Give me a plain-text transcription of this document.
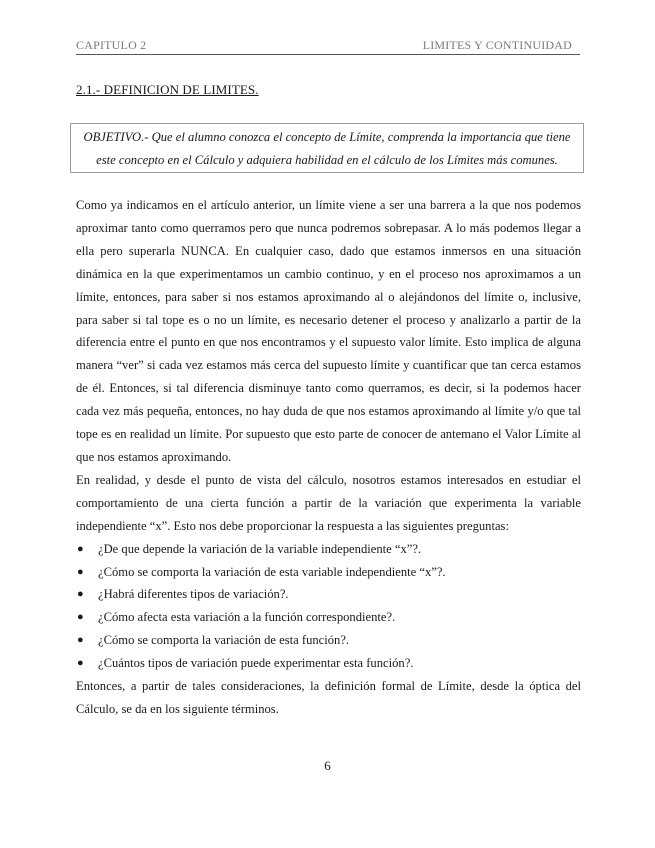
CAPITULO 2	LIMITES Y CONTINUIDAD
2.1.- DEFINICION DE LIMITES.

OBJETIVO.- Que el alumno conozca el concepto de Límite, comprenda la importancia que tiene

este concepto en el Cálculo y adquiera habilidad en el cálculo de los Límites más comunes.

Como ya indicamos en el artículo anterior, un límite viene a ser una barrera a la que nos podemos aproximar tanto como querramos pero que nunca podremos sobrepasar. A lo más podemos llegar a ella pero superarla NUNCA. En cualquier caso, dado que estamos inmersos en una situación dinámica en la que experimentamos un cambio continuo, y en el proceso nos aproximamos a un límite, entonces, para saber si nos estamos aproximando al o alejándonos del límite o, inclusive, para saber si tal tope es o no un límite, es necesario detener el proceso y analizarlo a partir de la diferencia entre el punto en que nos encontramos y el supuesto valor límite. Esto implica de alguna manera “ver” si cada vez estamos más cerca del supuesto límite y cuantificar que tan cerca estamos de él. Entonces, si tal diferencia disminuye tanto como querramos, es decir, si la podemos hacer cada vez más pequeña, entonces, no hay duda de que nos estamos aproximando al límite y/o que tal tope es en realidad un límite. Por supuesto que esto parte de conocer de antemano el Valor Límite al que nos estamos aproximando.

En realidad, y desde el punto de vista del cálculo, nosotros estamos interesados en estudiar el comportamiento de una cierta función a partir de la variación que experimenta la variable independiente “x”. Esto nos debe proporcionar la respuesta a las siguientes preguntas:

● ¿De que depende la variación de la variable independiente “x”?.
● ¿Cómo se comporta la variación de esta variable independiente “x”?.
● ¿Habrá diferentes tipos de variación?.
● ¿Cómo afecta esta variación a la función correspondiente?.
● ¿Cómo se comporta la variación de esta función?.
● ¿Cuántos tipos de variación puede experimentar esta función?.

Entonces, a partir de tales consideraciones, la definición formal de Límite, desde la óptica del Cálculo, se da en los siguiente términos.

6
